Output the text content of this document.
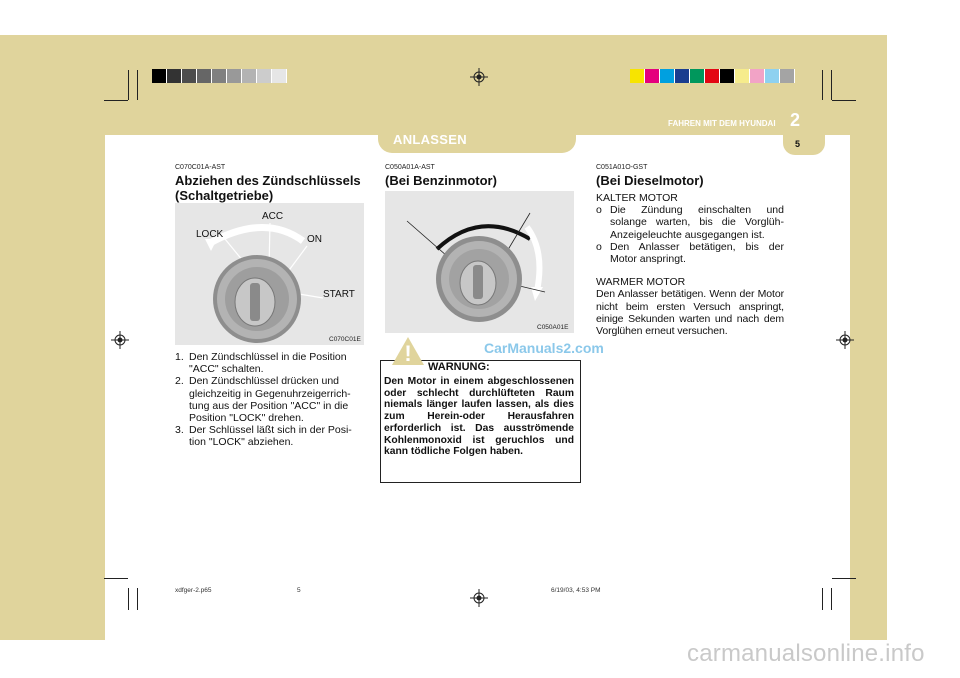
ANLASSEN
FAHREN MIT DEM HYUNDAI 2
5
C070C01A-AST
Abziehen des Zündschlüssels
(Schaltgetriebe)
ACC
LOCK	ON
START
C070C01E
1. Den Zündschlüssel in die Position "ACC" schalten.
2. Den Zündschlüssel drücken und gleichzeitig in Gegenuhrzeigerrich-tung aus der Position "ACC" in die Position "LOCK" drehen.
3. Der Schlüssel läßt sich in der Posi-tion "LOCK" abziehen.
C050A01A-AST
(Bei Benzinmotor)
C050A01E
!
WARNUNG:
Den Motor in einem abgeschlossenen oder schlecht durchlüfteten Raum niemals länger laufen lassen, als dies zum Herein-oder Herausfahren erforderlich ist. Das ausströmende Kohlenmonoxid ist geruchlos und kann tödliche Folgen haben.
C051A01O-GST
(Bei Dieselmotor)
KALTER MOTOR
o Die Zündung einschalten und solange warten, bis die Vorglüh-Anzeigeleuchte ausgegangen ist.
o Den Anlasser betätigen, bis der Motor anspringt.
WARMER MOTOR
Den Anlasser betätigen. Wenn der Motor nicht beim ersten Versuch anspringt, einige Sekunden warten und nach dem Vorglühen erneut versuchen.
CarManuals2.com
xdfger-2.p65	5	6/19/03, 4:53 PM
carmanualsonline.info
